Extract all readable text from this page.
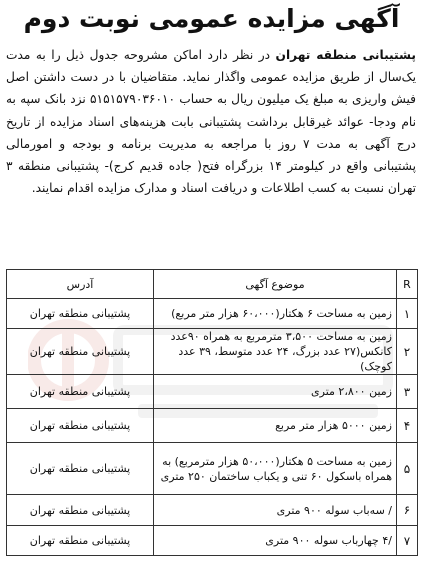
آگهی مزایده عمومی نوبت دوم

پشتیبانی منطقه تهران در نظر دارد اماکن مشروحه جدول ذیل را به مدت یک‌سال از طریق مزایده عمومی واگذار نماید. متقاضیان با در دست داشتن اصل فیش واریزی به مبلغ یک میلیون ریال به حساب ۵۱۵۱۵۷۹۰۳۶۰۱۰ نزد بانک سپه به نام ودجا- عوائد غیرقابل برداشت پشتیبانی بابت هزینه‌های اسناد مزایده از تاریخ درج آگهی به مدت ۷ روز با مراجعه به مدیریت برنامه و بودجه و امورمالی پشتیبانی واقع در کیلومتر ۱۴ بزرگراه فتح( جاده قدیم کرج)- پشتیبانی منطقه ۳ تهران نسبت به کسب اطلاعات و دریافت اسناد و مدارک مزایده اقدام نمایند.

R	موضوع آگهی	آدرس
۱	زمین به مساحت ۶ هکتار(۶۰،۰۰۰ هزار متر مربع)	پشتیبانی منطقه تهران
۲	زمین به مساحت ۳،۵۰۰ مترمربع به همراه ۹۰عدد کانکس(۲۷ عدد بزرگ، ۲۴ عدد متوسط، ۳۹ عدد کوچک)	پشتیبانی منطقه تهران
۳	زمین ۲،۸۰۰ متری	پشتیبانی منطقه تهران
۴	زمین ۵۰۰۰ هزار متر مربع	پشتیبانی منطقه تهران
۵	زمین به مساحت ۵ هکتار(۵۰،۰۰۰ هزار مترمربع) به همراه باسکول ۶۰ تنی و یکباب ساختمان ۲۵۰ متری	پشتیبانی منطقه تهران
۶	/ سه‌باب سوله ۹۰۰ متری	پشتیبانی منطقه تهران
۷	/۴ چهارباب سوله ۹۰۰ متری	پشتیبانی منطقه تهران
